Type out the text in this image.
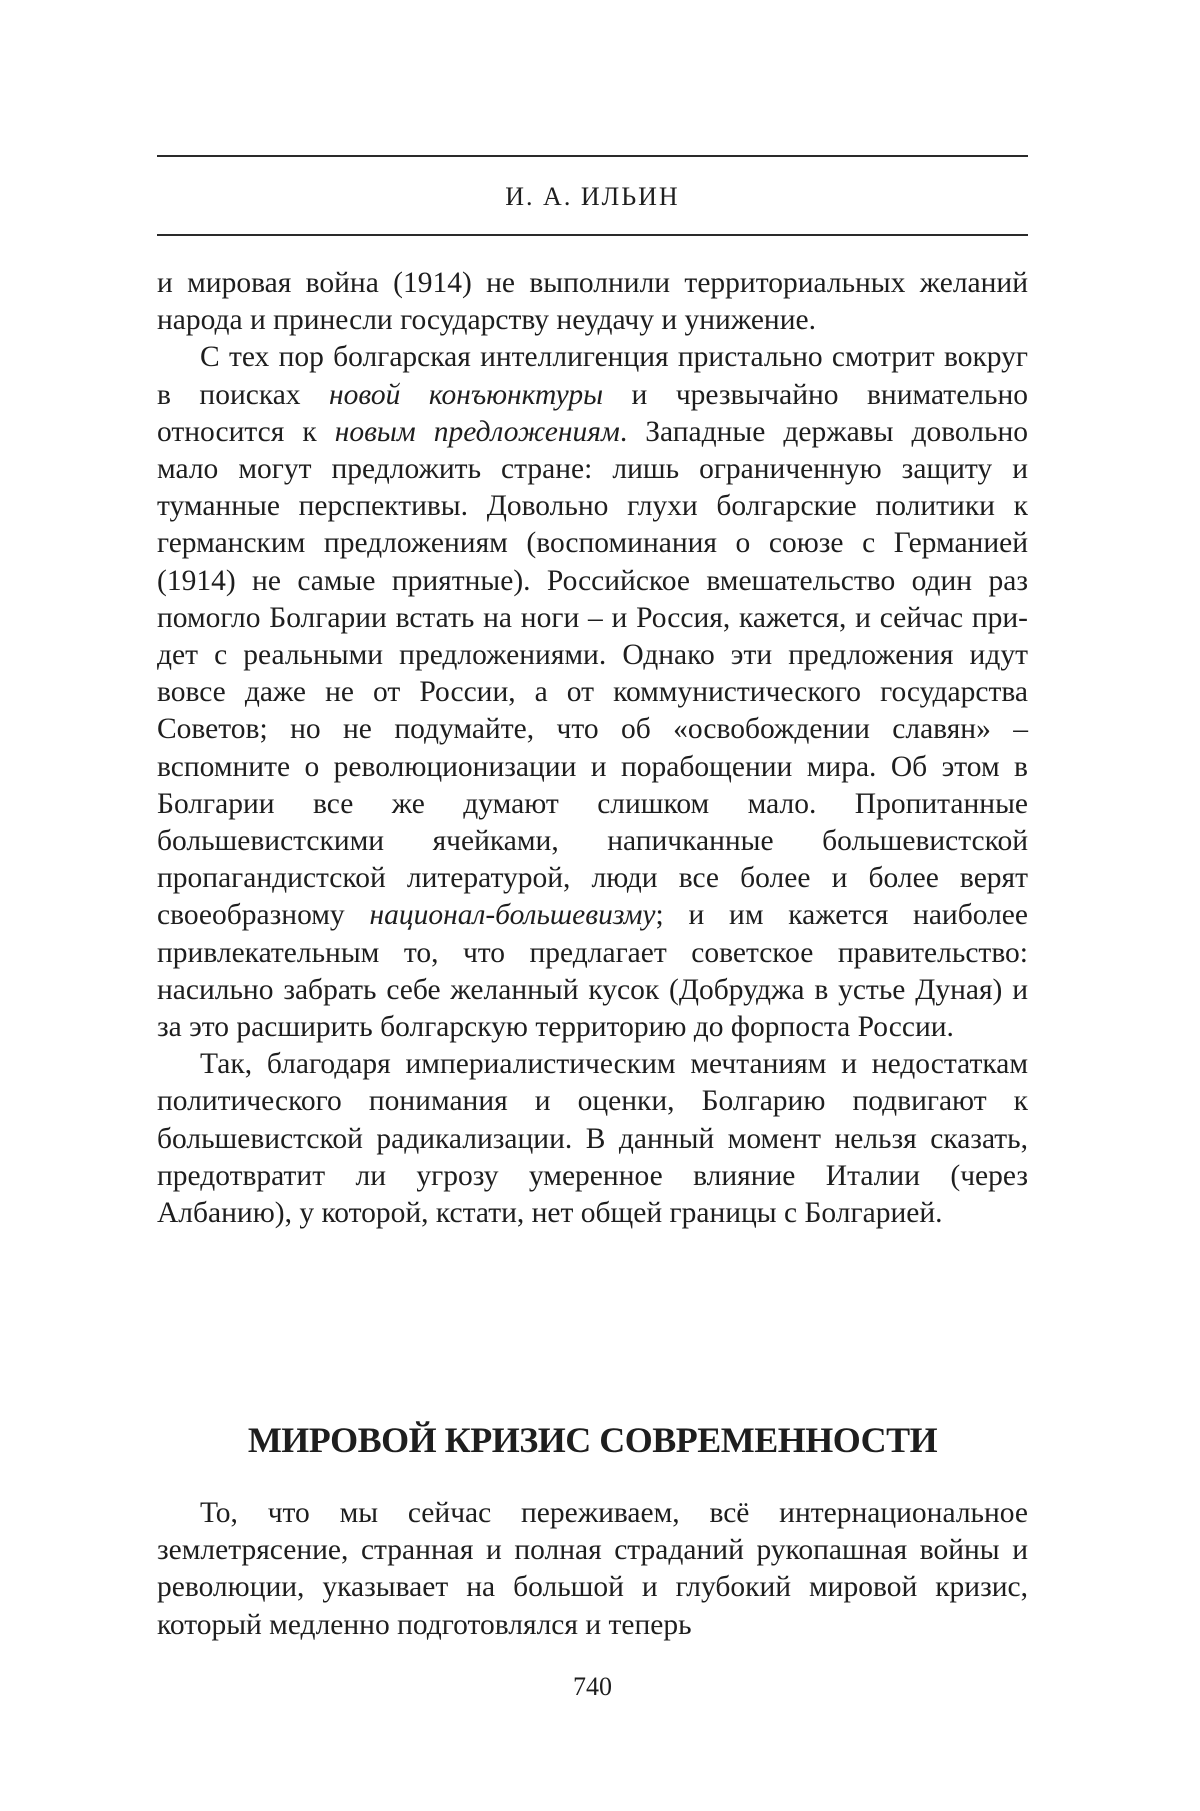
И. А. ИЛЬИН

и мировая война (1914) не выполнили территориальных желаний народа и принесли государству неудачу и унижение.

С тех пор болгарская интеллигенция пристально смотрит вокруг в поисках новой конъюнктуры и чрезвычайно внимательно относится к новым предложениям. Западные державы довольно мало могут предложить стране: лишь ограниченную защиту и туманные перспективы. Довольно глухи болгарские политики к германским предложениям (воспоминания о союзе с Германией (1914) не самые приятные). Российское вмешательство один раз помогло Болгарии встать на ноги – и Россия, кажется, и сейчас придет с реальными предложениями. Однако эти предложения идут вовсе даже не от России, а от коммунистического государства Советов; но не подумайте, что об «освобождении славян» – вспомните о революционизации и порабощении мира. Об этом в Болгарии все же думают слишком мало. Пропитанные большевистскими ячейками, напичканные большевистской пропагандистской литературой, люди все более и более верят своеобразному национал-большевизму; и им кажется наиболее привлекательным то, что предлагает советское правительство: насильно забрать себе желанный кусок (Добруджа в устье Дуная) и за это расширить болгарскую территорию до форпоста России.

Так, благодаря империалистическим мечтаниям и недостаткам политического понимания и оценки, Болгарию подвигают к большевистской радикализации. В данный момент нельзя сказать, предотвратит ли угрозу умеренное влияние Италии (через Албанию), у которой, кстати, нет общей границы с Болгарией.

МИРОВОЙ КРИЗИС СОВРЕМЕННОСТИ

То, что мы сейчас переживаем, всё интернациональное землетрясение, странная и полная страданий рукопашная войны и революции, указывает на большой и глубокий мировой кризис, который медленно подготовлялся и теперь

740
